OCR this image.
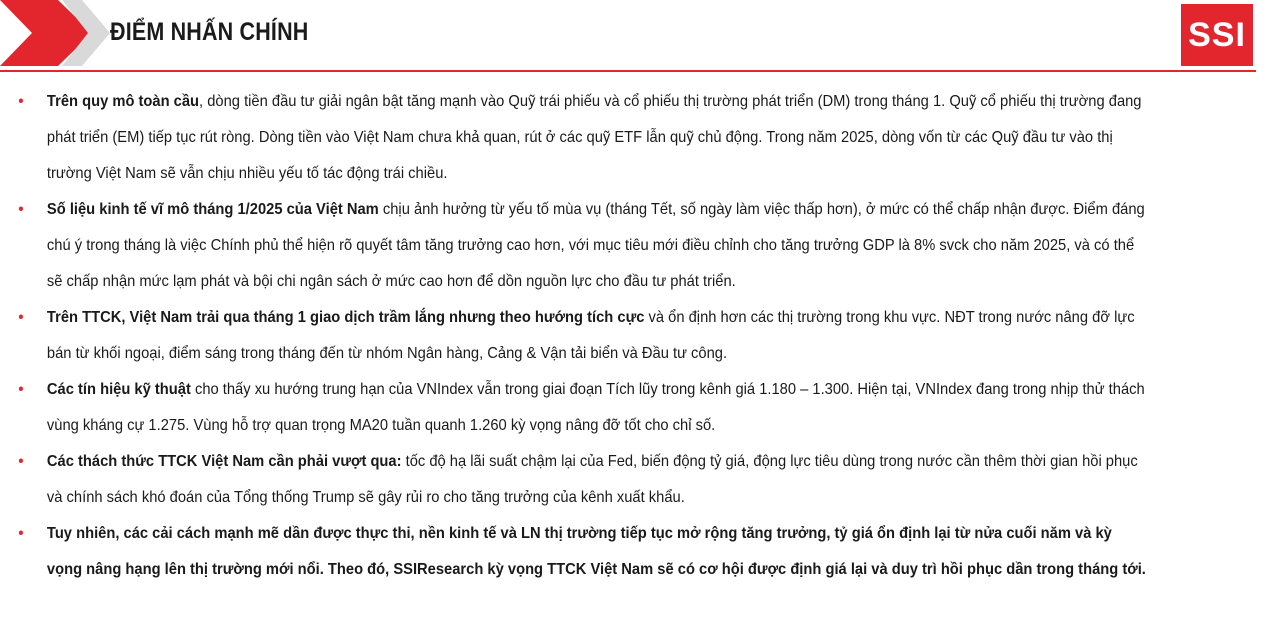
ĐIỂM NHẤN CHÍNH	SSI
• Trên quy mô toàn cầu, dòng tiền đầu tư giải ngân bật tăng mạnh vào Quỹ trái phiếu và cổ phiếu thị trường phát triển (DM) trong tháng 1. Quỹ cổ phiếu thị trường đang phát triển (EM) tiếp tục rút ròng. Dòng tiền vào Việt Nam chưa khả quan, rút ở các quỹ ETF lẫn quỹ chủ động. Trong năm 2025, dòng vốn từ các Quỹ đầu tư vào thị trường Việt Nam sẽ vẫn chịu nhiều yếu tố tác động trái chiều.
• Số liệu kinh tế vĩ mô tháng 1/2025 của Việt Nam chịu ảnh hưởng từ yếu tố mùa vụ (tháng Tết, số ngày làm việc thấp hơn), ở mức có thể chấp nhận được. Điểm đáng chú ý trong tháng là việc Chính phủ thể hiện rõ quyết tâm tăng trưởng cao hơn, với mục tiêu mới điều chỉnh cho tăng trưởng GDP là 8% svck cho năm 2025, và có thể sẽ chấp nhận mức lạm phát và bội chi ngân sách ở mức cao hơn để dồn nguồn lực cho đầu tư phát triển.
• Trên TTCK, Việt Nam trải qua tháng 1 giao dịch trầm lắng nhưng theo hướng tích cực và ổn định hơn các thị trường trong khu vực. NĐT trong nước nâng đỡ lực bán từ khối ngoại, điểm sáng trong tháng đến từ nhóm Ngân hàng, Cảng & Vận tải biển và Đầu tư công.
• Các tín hiệu kỹ thuật cho thấy xu hướng trung hạn của VNIndex vẫn trong giai đoạn Tích lũy trong kênh giá 1.180 – 1.300. Hiện tại, VNIndex đang trong nhịp thử thách vùng kháng cự 1.275. Vùng hỗ trợ quan trọng MA20 tuần quanh 1.260 kỳ vọng nâng đỡ tốt cho chỉ số.
• Các thách thức TTCK Việt Nam cần phải vượt qua: tốc độ hạ lãi suất chậm lại của Fed, biến động tỷ giá, động lực tiêu dùng trong nước cần thêm thời gian hồi phục và chính sách khó đoán của Tổng thống Trump sẽ gây rủi ro cho tăng trưởng của kênh xuất khẩu.
• Tuy nhiên, các cải cách mạnh mẽ dần được thực thi, nền kinh tế và LN thị trường tiếp tục mở rộng tăng trưởng, tỷ giá ổn định lại từ nửa cuối năm và kỳ vọng nâng hạng lên thị trường mới nổi. Theo đó, SSIResearch kỳ vọng TTCK Việt Nam sẽ có cơ hội được định giá lại và duy trì hồi phục dần trong tháng tới.
